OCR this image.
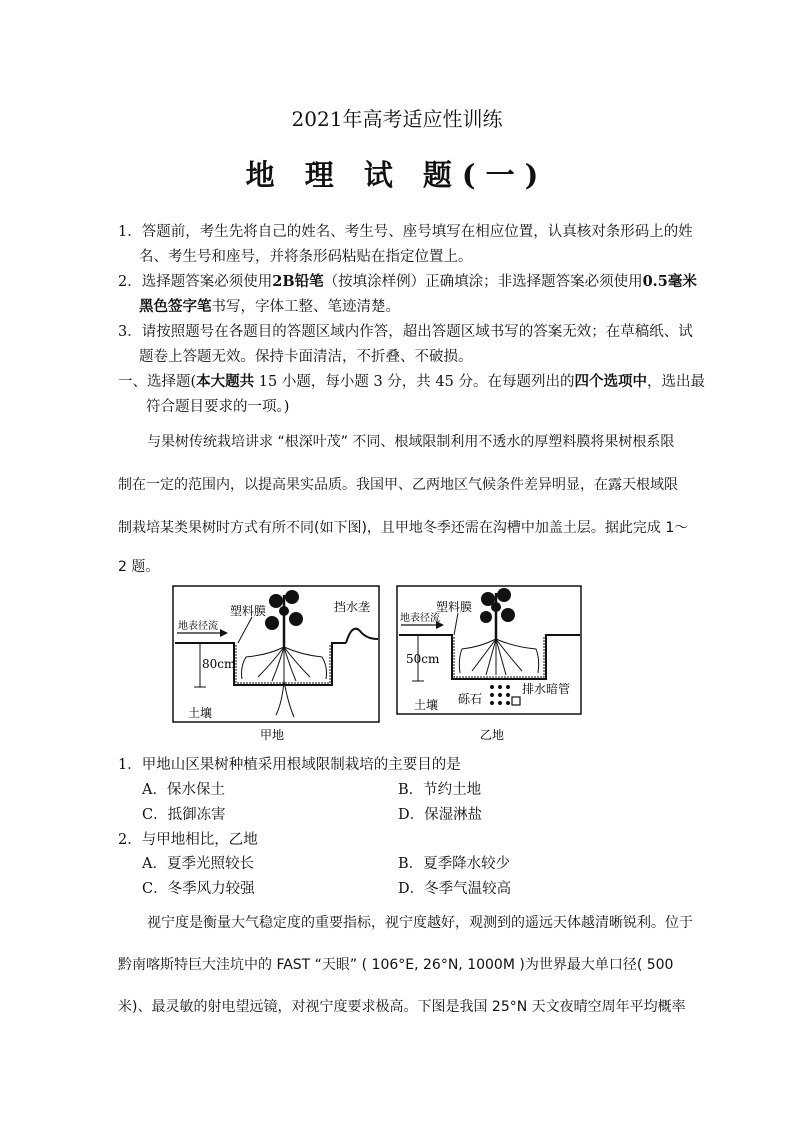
2021年高考适应性训练
地 理 试 题(一)
1．答题前，考生先将自己的姓名、考生号、座号填写在相应位置，认真核对条形码上的姓
名、考生号和座号，并将条形码粘贴在指定位置上。
2．选择题答案必须使用2B铅笔（按填涂样例）正确填涂；非选择题答案必须使用0.5毫米
黑色签字笔书写，字体工整、笔迹清楚。
3．请按照题号在各题目的答题区域内作答，超出答题区域书写的答案无效；在草稿纸、试
题卷上答题无效。保持卡面清洁，不折叠、不破损。
一、选择题(本大题共 15 小题，每小题 3 分，共 45 分。在每题列出的四个选项中，选出最
符合题目要求的一项。)
与果树传统栽培讲求 “根深叶茂” 不同、根域限制利用不透水的厚塑料膜将果树根系限
制在一定的范围内，以提高果实品质。我国甲、乙两地区气候条件差异明显，在露天根域限
制栽培某类果树时方式有所不同(如下图)，且甲地冬季还需在沟槽中加盖土层。据此完成 1～
2 题。
地表径流
塑料膜	挡水垄
80cm
土壤
甲地
地表径流
塑料膜
50cm
砾石
排水暗管
土壤
乙地
1．甲地山区果树种植采用根域限制栽培的主要目的是
A．保水保土	B．节约土地
C．抵御冻害	D．保湿淋盐
2．与甲地相比，乙地
A．夏季光照较长	B．夏季降水较少
C．冬季风力较强	D．冬季气温较高
视宁度是衡量大气稳定度的重要指标，视宁度越好，观测到的遥远天体越清晰锐利。位于
黔南喀斯特巨大洼坑中的 FAST “天眼” ( 106°E, 26°N, 1000M )为世界最大单口径( 500
米)、最灵敏的射电望远镜，对视宁度要求极高。下图是我国 25°N 天文夜晴空周年平均概率
